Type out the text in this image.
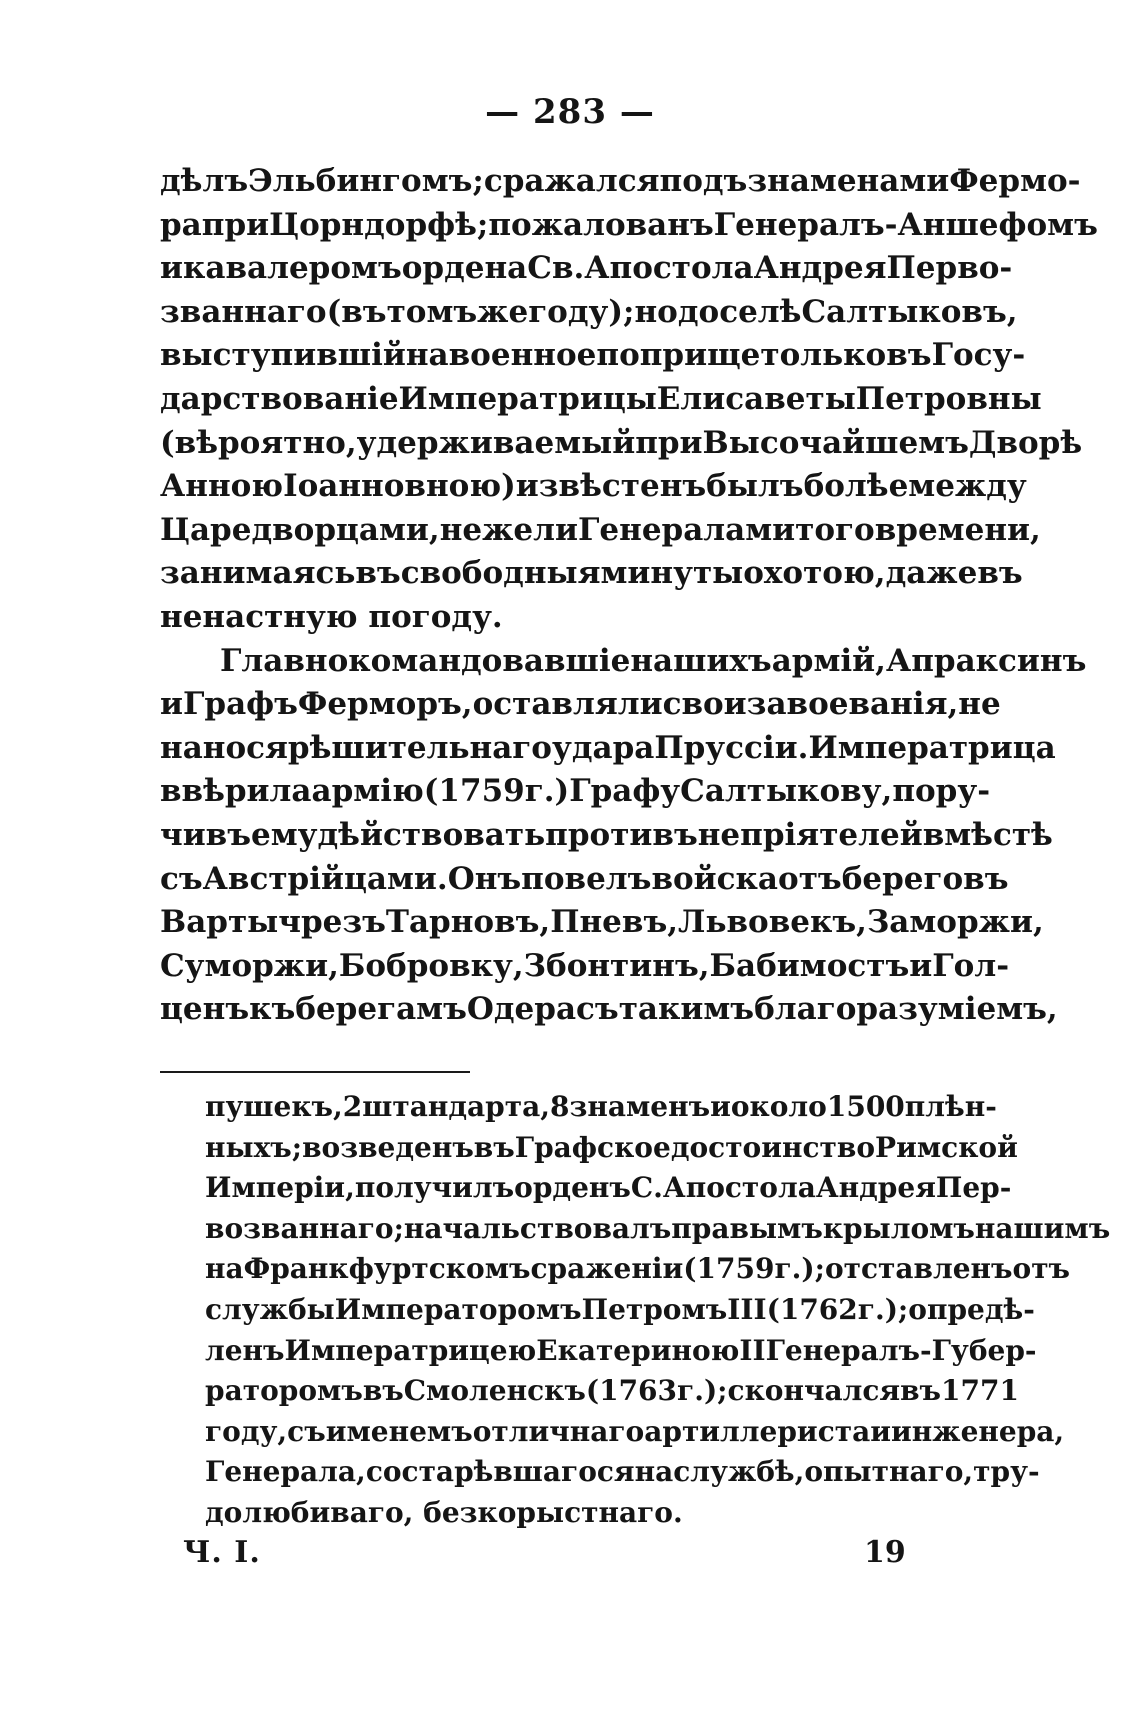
— 283 —
дѣлъ Эльбингомъ; сражался подъ знаменами Фермо-
ра при Цорндорфѣ; пожалованъ Генералъ-Аншефомъ
и кавалеромъ ордена Св. Апостола Андрея Перво-
званнаго (въ томъ же году); но доселѣ Салтыковъ,
выступившій на военное поприще только въ Госу-
дарствованіе Императрицы Елисаветы Петровны
(вѣроятно, удерживаемый при Высочайшемъ Дворѣ
Анною Іоанновною) извѣстенъ былъ болѣе между
Царедворцами, нежели Генералами того времени,
занимаясь въ свободныя минуты охотою, даже въ
ненастную погоду.
Главнокомандовавшіе нашихъ армій, Апраксинъ
и Графъ Ферморъ, оставляли свои завоеванія, не
нанося рѣшительнаго удара Пруссіи. Императрица
ввѣрила армію (1759 г.) Графу Салтыкову, пору-
чивъ ему дѣйствовать противъ непріятелей вмѣстѣ
съ Австрійцами. Онъ повелъ войска отъ береговъ
Варты чрезъ Тарновъ, Пневъ, Львовекъ, Заморжи,
Суморжи, Бобровку, Збонтинъ, Бабимостъ и Гол-
ценъ къ берегамъ Одера съ такимъ благоразуміемъ,
пушекъ, 2 штандарта, 8 знаменъ и около 1500 плѣн-
ныхъ; возведенъ въ Графское достоинство Римской
Имперіи, получилъ орденъ С. Апостола Андрея Пер-
возваннаго; начальствовалъ правымъ крыломъ нашимъ
на Франкфуртскомъ сраженіи (1759 г.); отставленъ отъ
службы Императоромъ Петромъ III (1762 г.); опредѣ-
ленъ Императрицею Екатериною II Генералъ-Губер-
раторомъ въ Смоленскъ (1763 г.); скончался въ 1771
году, съ именемъ отличнаго артиллериста и инженера,
Генерала, состарѣвшагося на службѣ, опытнаго, тру-
долюбиваго, безкорыстнаго.
Ч. I.	19
